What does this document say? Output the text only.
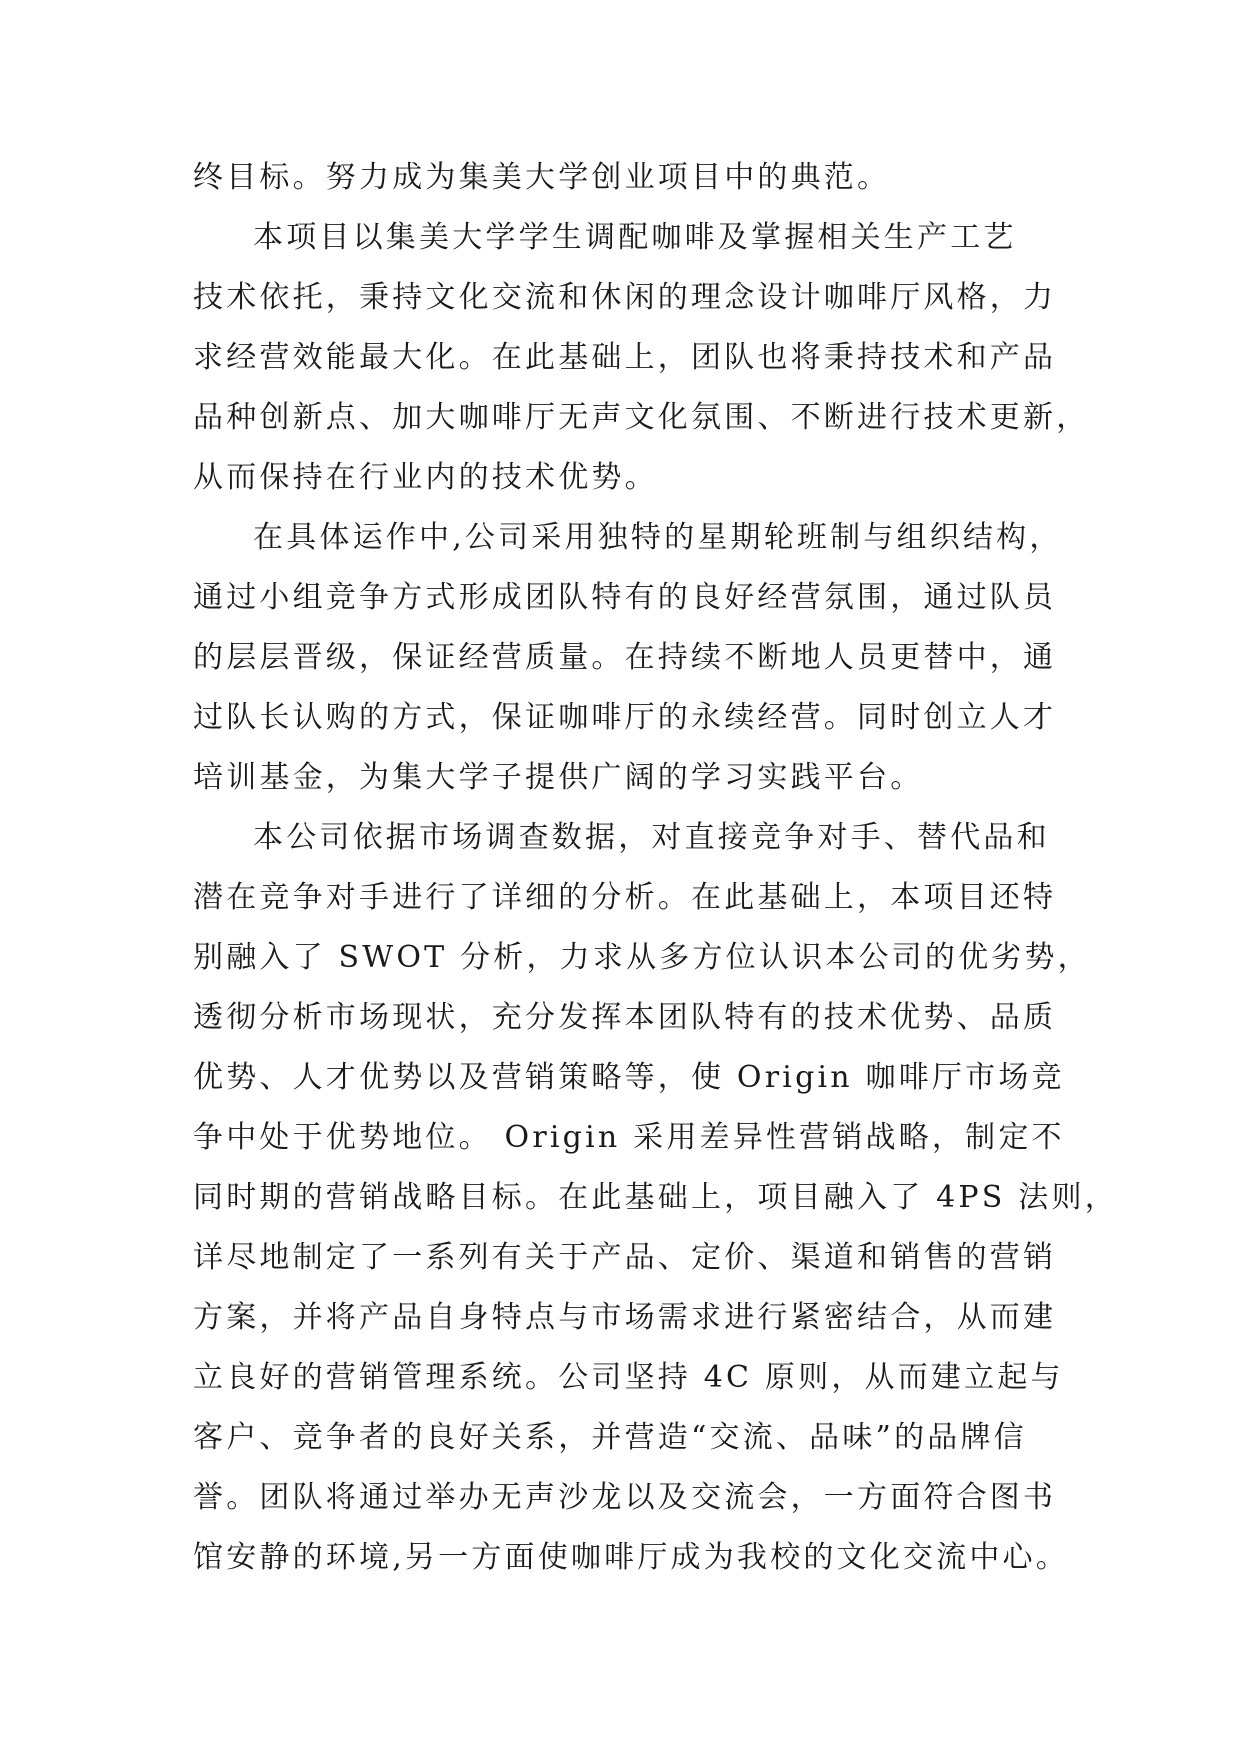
终目标。努力成为集美大学创业项目中的典范。
本项目以集美大学学生调配咖啡及掌握相关生产工艺
技术依托，秉持文化交流和休闲的理念设计咖啡厅风格，力
求经营效能最大化。在此基础上，团队也将秉持技术和产品
品种创新点、加大咖啡厅无声文化氛围、不断进行技术更新，
从而保持在行业内的技术优势。
在具体运作中,公司采用独特的星期轮班制与组织结构，
通过小组竞争方式形成团队特有的良好经营氛围，通过队员
的层层晋级，保证经营质量。在持续不断地人员更替中，通
过队长认购的方式，保证咖啡厅的永续经营。同时创立人才
培训基金，为集大学子提供广阔的学习实践平台。
本公司依据市场调查数据，对直接竞争对手、替代品和
潜在竞争对手进行了详细的分析。在此基础上，本项目还特
别融入了 SWOT 分析，力求从多方位认识本公司的优劣势，
透彻分析市场现状，充分发挥本团队特有的技术优势、品质
优势、人才优势以及营销策略等，使 Origin 咖啡厅市场竞
争中处于优势地位。 Origin 采用差异性营销战略，制定不
同时期的营销战略目标。在此基础上，项目融入了 4PS 法则，
详尽地制定了一系列有关于产品、定价、渠道和销售的营销
方案，并将产品自身特点与市场需求进行紧密结合，从而建
立良好的营销管理系统。公司坚持 4C 原则，从而建立起与
客户、竞争者的良好关系，并营造“交流、品味”的品牌信
誉。团队将通过举办无声沙龙以及交流会，一方面符合图书
馆安静的环境,另一方面使咖啡厅成为我校的文化交流中心。
